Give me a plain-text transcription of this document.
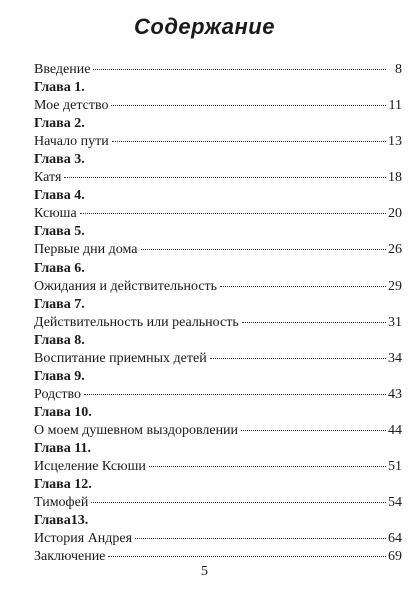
Содержание
Введение	8
Глава 1.
Мое детство	11
Глава 2.
Начало пути	13
Глава 3.
Катя	18
Глава 4.
Ксюша	20
Глава 5.
Первые дни дома	26
Глава 6.
Ожидания и действительность	29
Глава 7.
Действительность или реальность	31
Глава 8.
Воспитание приемных детей	34
Глава 9.
Родство	43
Глава 10.
О моем душевном выздоровлении	44
Глава 11.
Исцеление Ксюши	51
Глава 12.
Тимофей	54
Глава13.
История Андрея	64
Заключение	69
5
